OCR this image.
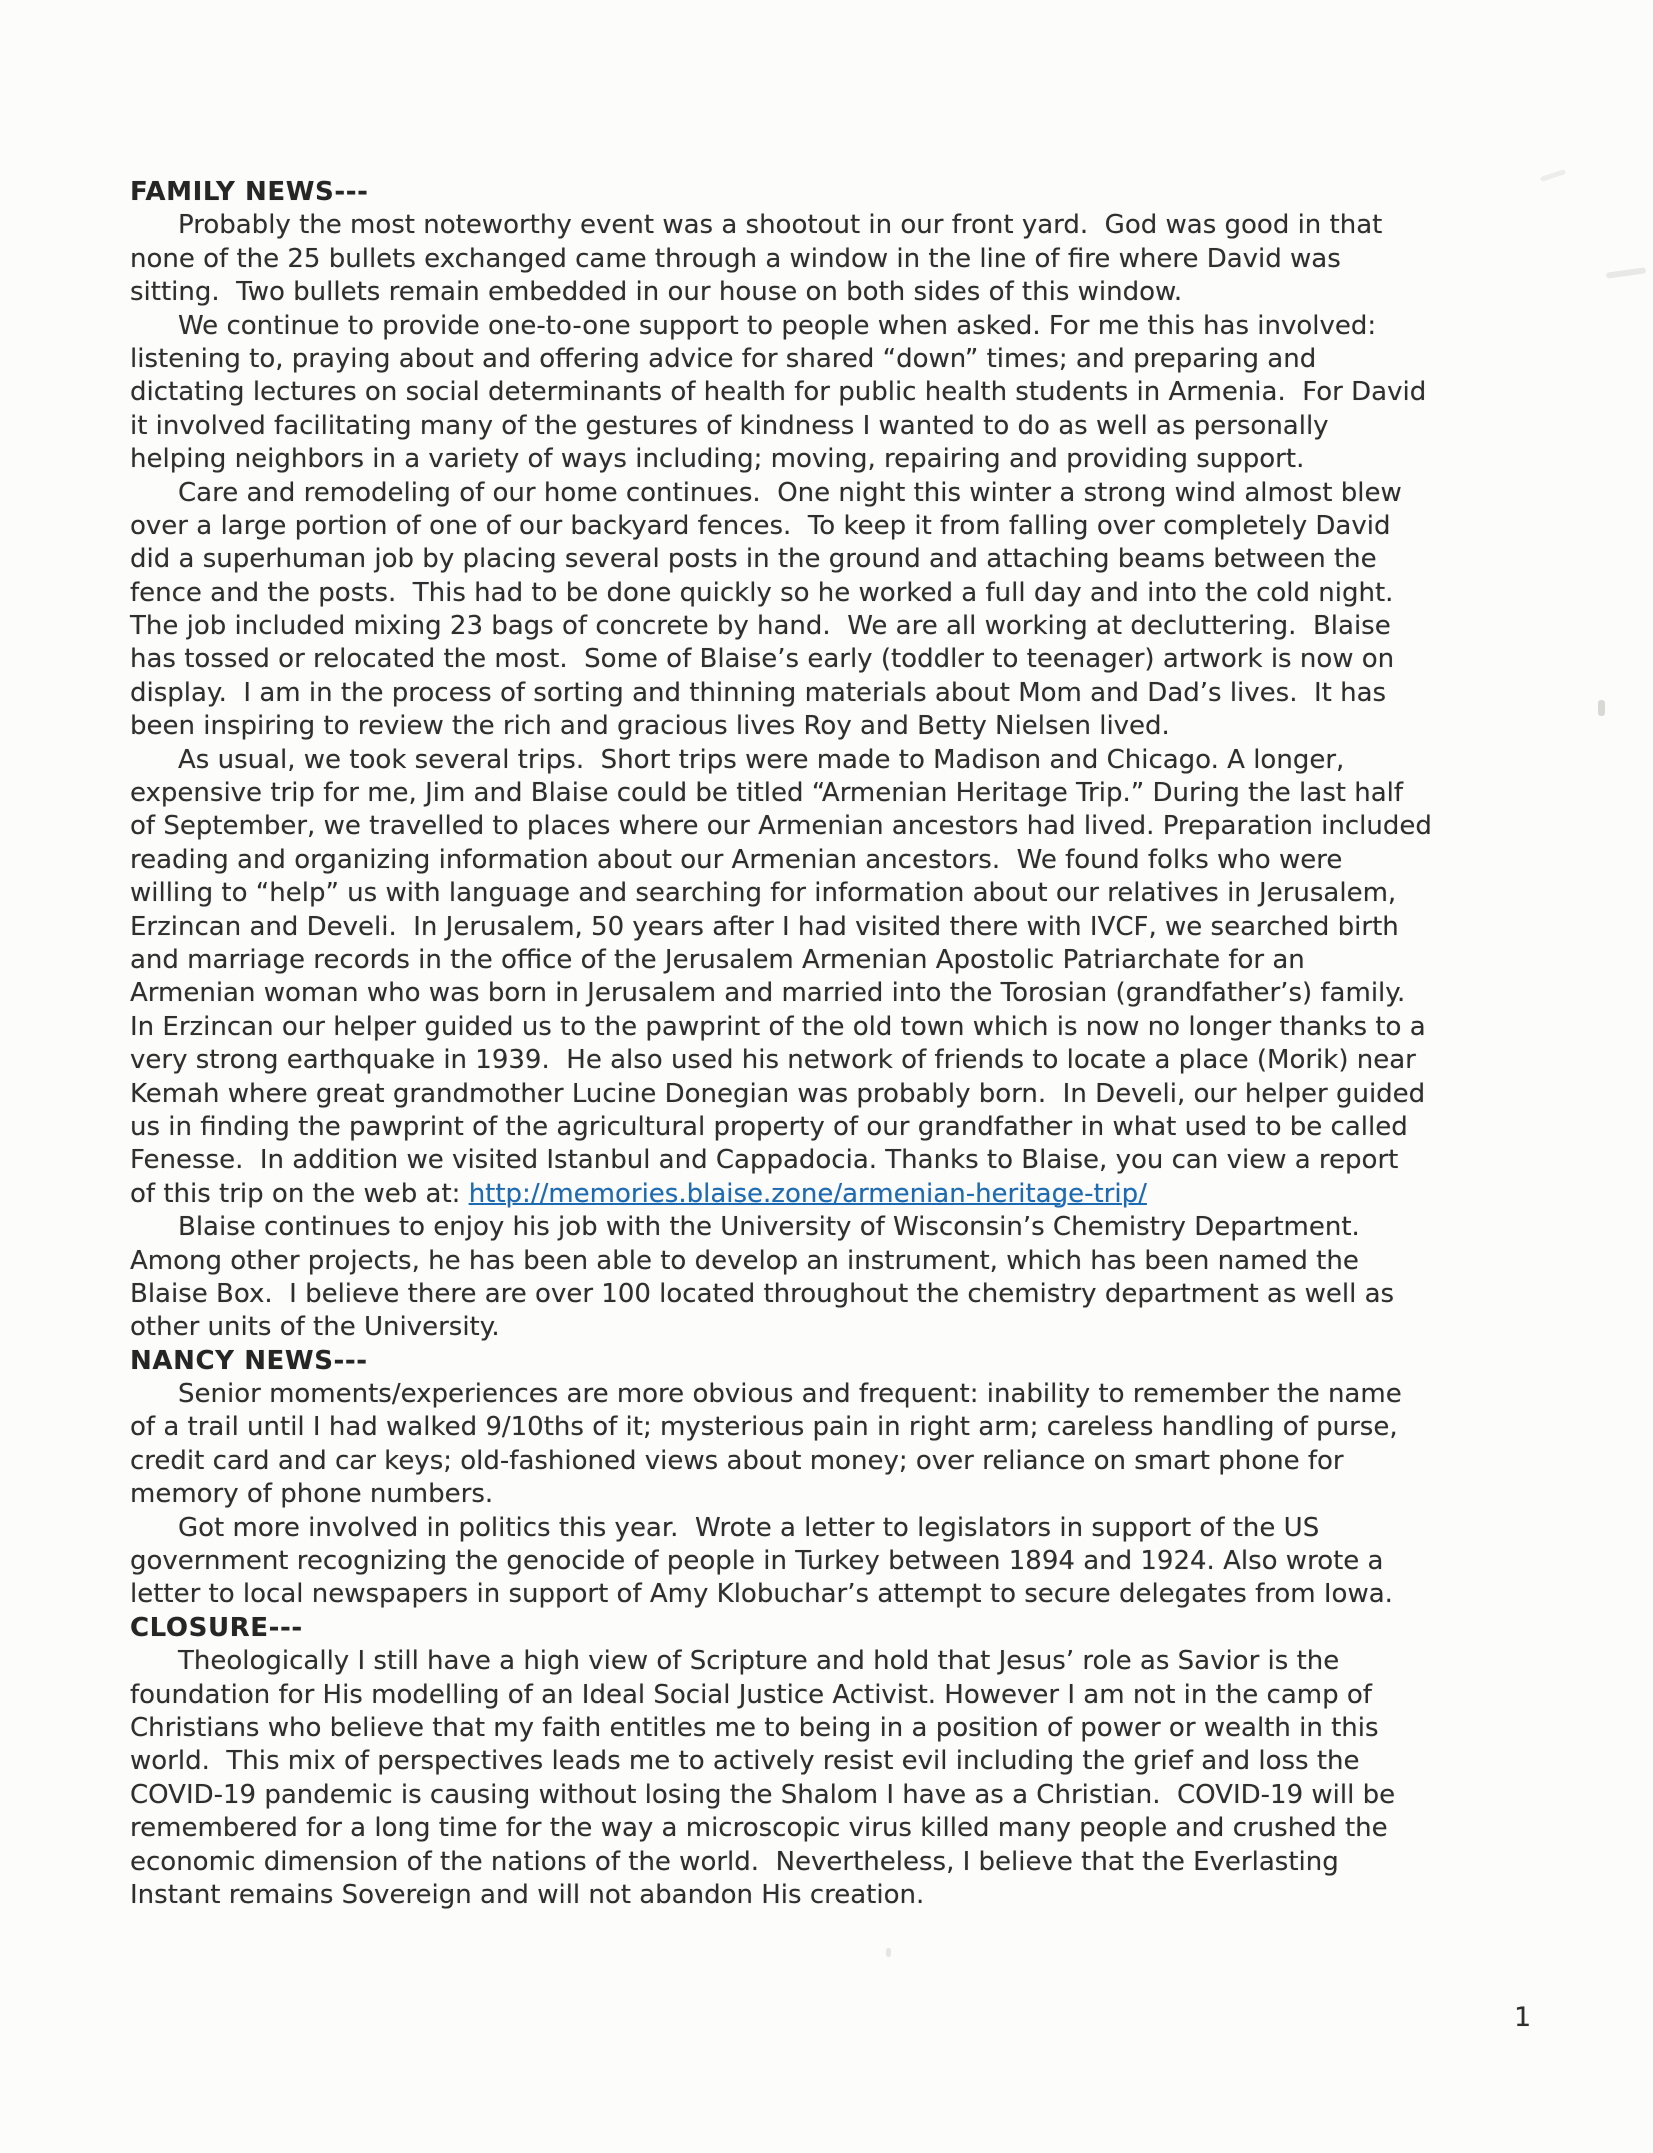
FAMILY NEWS---
Probably the most noteworthy event was a shootout in our front yard.  God was good in that
none of the 25 bullets exchanged came through a window in the line of fire where David was
sitting.  Two bullets remain embedded in our house on both sides of this window.
We continue to provide one-to-one support to people when asked. For me this has involved:
listening to, praying about and offering advice for shared “down” times; and preparing and
dictating lectures on social determinants of health for public health students in Armenia.  For David
it involved facilitating many of the gestures of kindness I wanted to do as well as personally
helping neighbors in a variety of ways including; moving, repairing and providing support.
Care and remodeling of our home continues.  One night this winter a strong wind almost blew
over a large portion of one of our backyard fences.  To keep it from falling over completely David
did a superhuman job by placing several posts in the ground and attaching beams between the
fence and the posts.  This had to be done quickly so he worked a full day and into the cold night.
The job included mixing 23 bags of concrete by hand.  We are all working at decluttering.  Blaise
has tossed or relocated the most.  Some of Blaise’s early (toddler to teenager) artwork is now on
display.  I am in the process of sorting and thinning materials about Mom and Dad’s lives.  It has
been inspiring to review the rich and gracious lives Roy and Betty Nielsen lived.
As usual, we took several trips.  Short trips were made to Madison and Chicago. A longer,
expensive trip for me, Jim and Blaise could be titled “Armenian Heritage Trip.” During the last half
of September, we travelled to places where our Armenian ancestors had lived. Preparation included
reading and organizing information about our Armenian ancestors.  We found folks who were
willing to “help” us with language and searching for information about our relatives in Jerusalem,
Erzincan and Develi.  In Jerusalem, 50 years after I had visited there with IVCF, we searched birth
and marriage records in the office of the Jerusalem Armenian Apostolic Patriarchate for an
Armenian woman who was born in Jerusalem and married into the Torosian (grandfather’s) family.
In Erzincan our helper guided us to the pawprint of the old town which is now no longer thanks to a
very strong earthquake in 1939.  He also used his network of friends to locate a place (Morik) near
Kemah where great grandmother Lucine Donegian was probably born.  In Develi, our helper guided
us in finding the pawprint of the agricultural property of our grandfather in what used to be called
Fenesse.  In addition we visited Istanbul and Cappadocia. Thanks to Blaise, you can view a report
of this trip on the web at: http://memories.blaise.zone/armenian-heritage-trip/
Blaise continues to enjoy his job with the University of Wisconsin’s Chemistry Department.
Among other projects, he has been able to develop an instrument, which has been named the
Blaise Box.  I believe there are over 100 located throughout the chemistry department as well as
other units of the University.
NANCY NEWS---
Senior moments/experiences are more obvious and frequent: inability to remember the name
of a trail until I had walked 9/10ths of it; mysterious pain in right arm; careless handling of purse,
credit card and car keys; old-fashioned views about money; over reliance on smart phone for
memory of phone numbers.
Got more involved in politics this year.  Wrote a letter to legislators in support of the US
government recognizing the genocide of people in Turkey between 1894 and 1924. Also wrote a
letter to local newspapers in support of Amy Klobuchar’s attempt to secure delegates from Iowa.
CLOSURE---
Theologically I still have a high view of Scripture and hold that Jesus’ role as Savior is the
foundation for His modelling of an Ideal Social Justice Activist. However I am not in the camp of
Christians who believe that my faith entitles me to being in a position of power or wealth in this
world.  This mix of perspectives leads me to actively resist evil including the grief and loss the
COVID-19 pandemic is causing without losing the Shalom I have as a Christian.  COVID-19 will be
remembered for a long time for the way a microscopic virus killed many people and crushed the
economic dimension of the nations of the world.  Nevertheless, I believe that the Everlasting
Instant remains Sovereign and will not abandon His creation.
1
